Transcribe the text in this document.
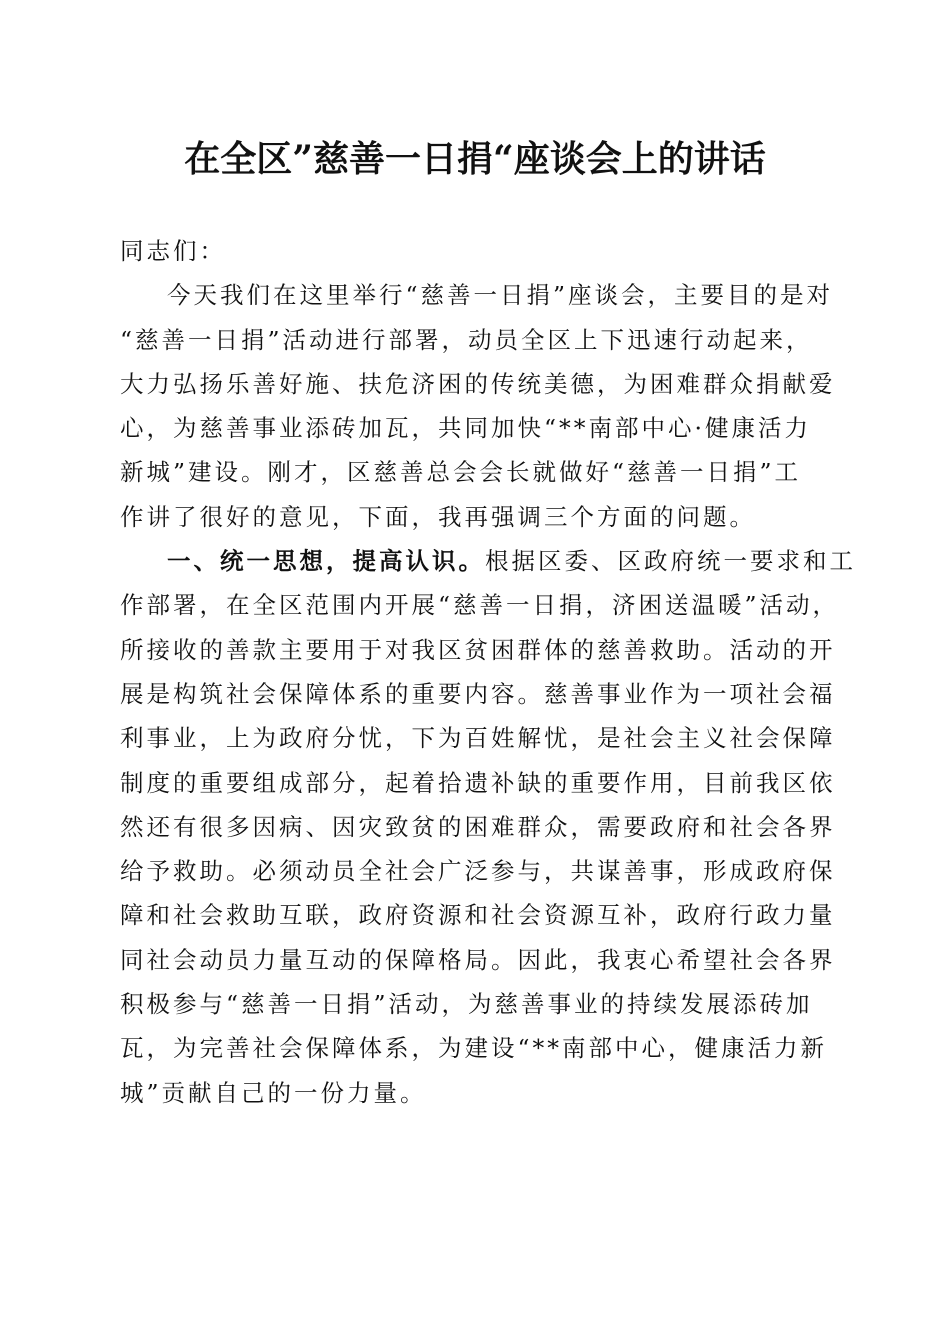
在全区”慈善一日捐“座谈会上的讲话
同志们：
今天我们在这里举行“慈善一日捐”座谈会，主要目的是对
“慈善一日捐”活动进行部署，动员全区上下迅速行动起来，
大力弘扬乐善好施、扶危济困的传统美德，为困难群众捐献爱
心，为慈善事业添砖加瓦，共同加快“**南部中心·健康活力
新城”建设。刚才，区慈善总会会长就做好“慈善一日捐”工
作讲了很好的意见，下面，我再强调三个方面的问题。
一、统一思想，提高认识。根据区委、区政府统一要求和工
作部署，在全区范围内开展“慈善一日捐，济困送温暖”活动，
所接收的善款主要用于对我区贫困群体的慈善救助。活动的开
展是构筑社会保障体系的重要内容。慈善事业作为一项社会福
利事业，上为政府分忧，下为百姓解忧，是社会主义社会保障
制度的重要组成部分，起着拾遗补缺的重要作用，目前我区依
然还有很多因病、因灾致贫的困难群众，需要政府和社会各界
给予救助。必须动员全社会广泛参与，共谋善事，形成政府保
障和社会救助互联，政府资源和社会资源互补，政府行政力量
同社会动员力量互动的保障格局。因此，我衷心希望社会各界
积极参与“慈善一日捐”活动，为慈善事业的持续发展添砖加
瓦，为完善社会保障体系，为建设“**南部中心，健康活力新
城”贡献自己的一份力量。
